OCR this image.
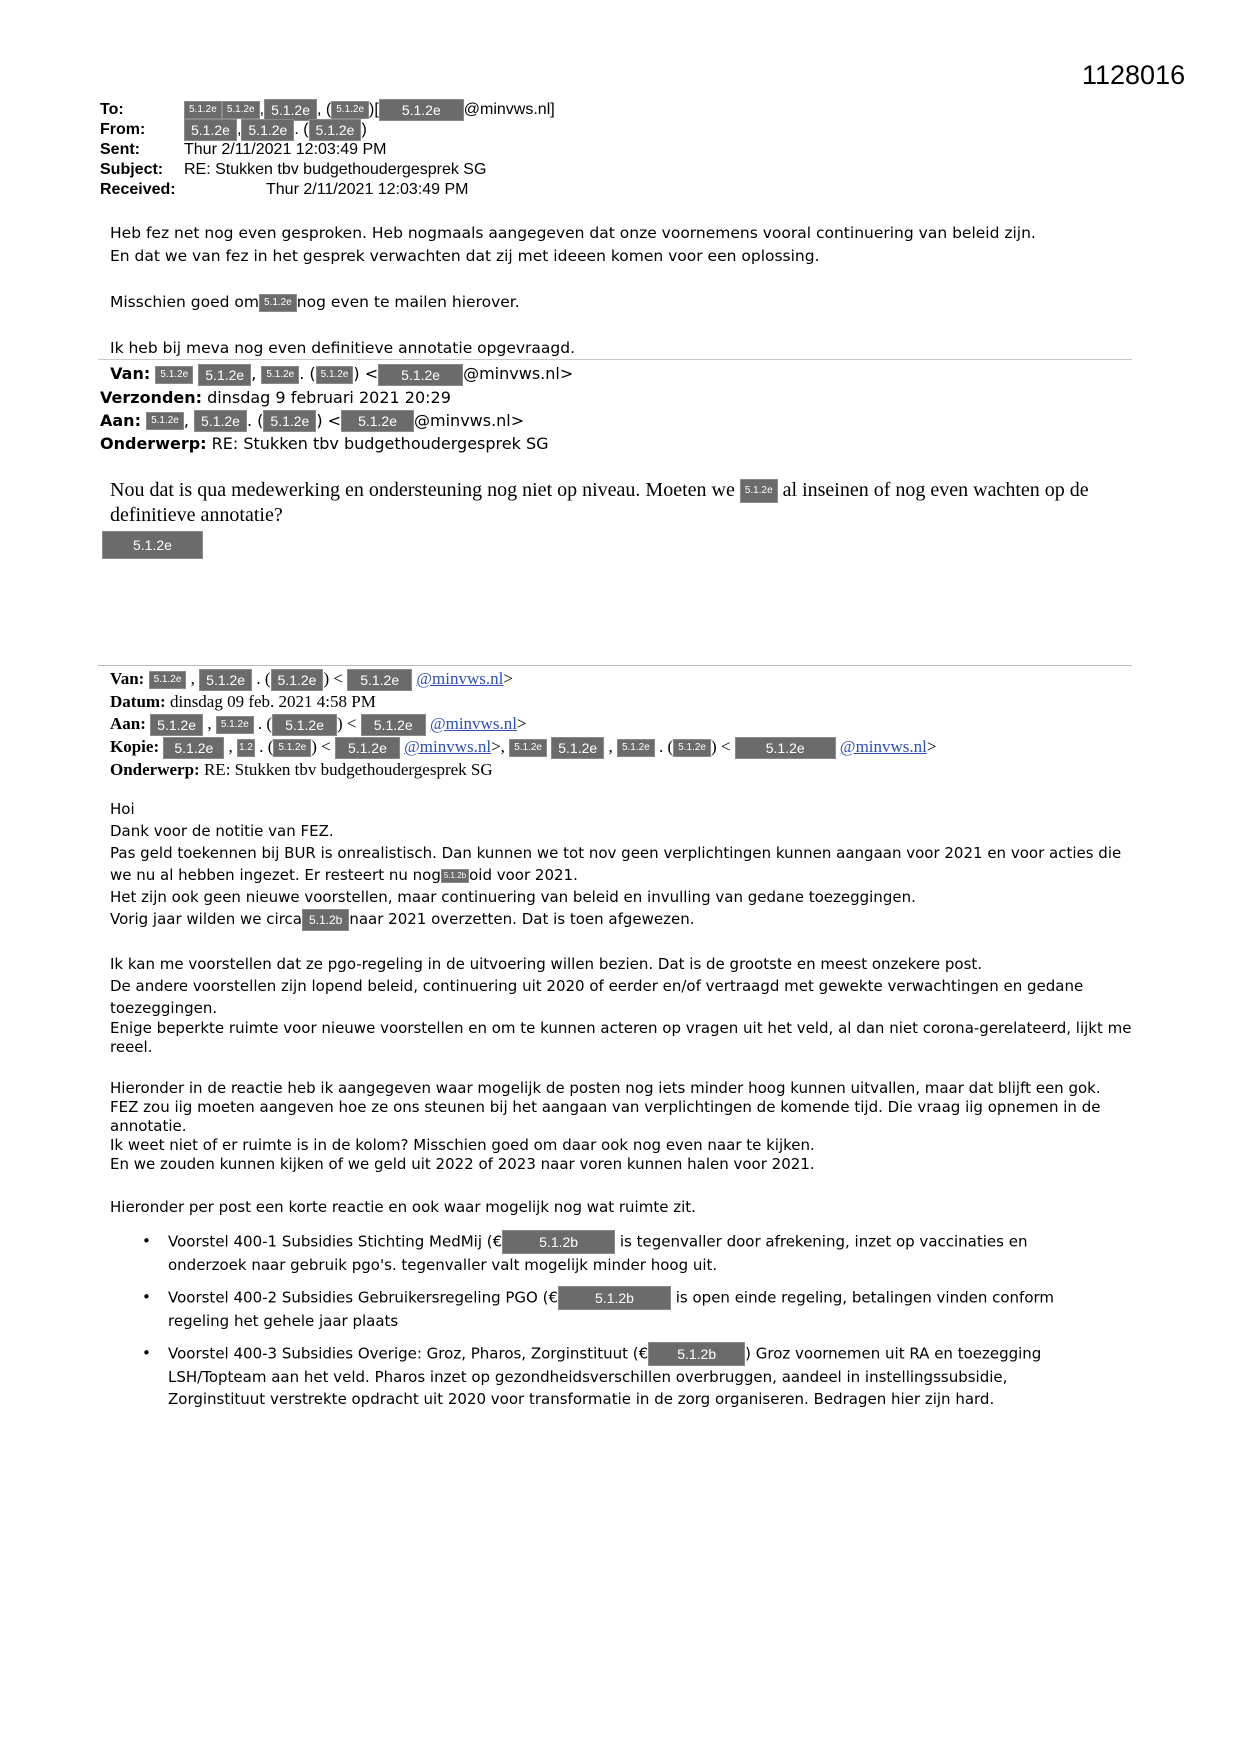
1128016
To:	5.1.2e	5.1.2e , 5.1.2e , ( 5.1.2e )[	5.1.2e	@minvws.nl]
From:	5.1.2e , 5.1.2e . ( 5.1.2e )
Sent:	Thur 2/11/2021 12:03:49 PM
Subject:	RE: Stukken tbv budgethoudergesprek SG
Received:	Thur 2/11/2021 12:03:49 PM
Heb fez net nog even gesproken. Heb nogmaals aangegeven dat onze voornemens vooral continuering van beleid zijn.
En dat we van fez in het gesprek verwachten dat zij met ideeen komen voor een oplossing.
Misschien goed om 5.1.2e nog even te mailen hierover.
Ik heb bij meva nog even definitieve annotatie opgevraagd.
Van: 5.1.2e 5.1.2e , 5.1.2e . ( 5.1.2e ) < 5.1.2e @minvws.nl>
Verzonden: dinsdag 9 februari 2021 20:29
Aan: 5.1.2e , 5.1.2e . ( 5.1.2e ) < 5.1.2e @minvws.nl>
Onderwerp: RE: Stukken tbv budgethoudergesprek SG
Nou dat is qua medewerking en ondersteuning nog niet op niveau. Moeten we 5.1.2e al inseinen of nog even wachten op de definitieve annotatie?
5.1.2e
Van: 5.1.2e , 5.1.2e . ( 5.1.2e ) < 5.1.2e @minvws.nl>
Datum: dinsdag 09 feb. 2021 4:58 PM
Aan: 5.1.2e , 5.1.2e . ( 5.1.2e ) < 5.1.2e @minvws.nl>
Kopie: 5.1.2e , 1.2 . ( 5.1.2e ) < 5.1.2e @minvws.nl>, 5.1.2e 5.1.2e , 5.1.2e . ( 5.1.2e ) < 5.1.2e @minvws.nl>
Onderwerp: RE: Stukken tbv budgethoudergesprek SG

Hoi

Dank voor de notitie van FEZ.

Pas geld toekennen bij BUR is onrealistisch. Dan kunnen we tot nov geen verplichtingen kunnen aangaan voor 2021 en voor acties die we nu al hebben ingezet. Er resteert nu nog 5.1.2b oid voor 2021.

Het zijn ook geen nieuwe voorstellen, maar continuering van beleid en invulling van gedane toezeggingen.

Vorig jaar wilden we circa 5.1.2b naar 2021 overzetten. Dat is toen afgewezen.

Ik kan me voorstellen dat ze pgo-regeling in de uitvoering willen bezien. Dat is de grootste en meest onzekere post.

De andere voorstellen zijn lopend beleid, continuering uit 2020 of eerder en/of vertraagd met gewekte verwachtingen en gedane toezeggingen.

Enige beperkte ruimte voor nieuwe voorstellen en om te kunnen acteren op vragen uit het veld, al dan niet corona-gerelateerd, lijkt me reeel.

Hieronder in de reactie heb ik aangegeven waar mogelijk de posten nog iets minder hoog kunnen uitvallen, maar dat blijft een gok.

FEZ zou iig moeten aangeven hoe ze ons steunen bij het aangaan van verplichtingen de komende tijd. Die vraag iig opnemen in de annotatie.

Ik weet niet of er ruimte is in de kolom? Misschien goed om daar ook nog even naar te kijken.

En we zouden kunnen kijken of we geld uit 2022 of 2023 naar voren kunnen halen voor 2021.

Hieronder per post een korte reactie en ook waar mogelijk nog wat ruimte zit.

• Voorstel 400-1 Subsidies Stichting MedMij (€	5.1.2b	is tegenvaller door afrekening, inzet op vaccinaties en onderzoek naar gebruik pgo's. tegenvaller valt mogelijk minder hoog uit.
• Voorstel 400-2 Subsidies Gebruikersregeling PGO (€	5.1.2b	is open einde regeling, betalingen vinden conform regeling het gehele jaar plaats
• Voorstel 400-3 Subsidies Overige: Groz, Pharos, Zorginstituut (€ 5.1.2b ) Groz voornemen uit RA en toezegging LSH/Topteam aan het veld. Pharos inzet op gezondheidsverschillen overbruggen, aandeel in instellingssubsidie, Zorginstituut verstrekte opdracht uit 2020 voor transformatie in de zorg organiseren. Bedragen hier zijn hard.
